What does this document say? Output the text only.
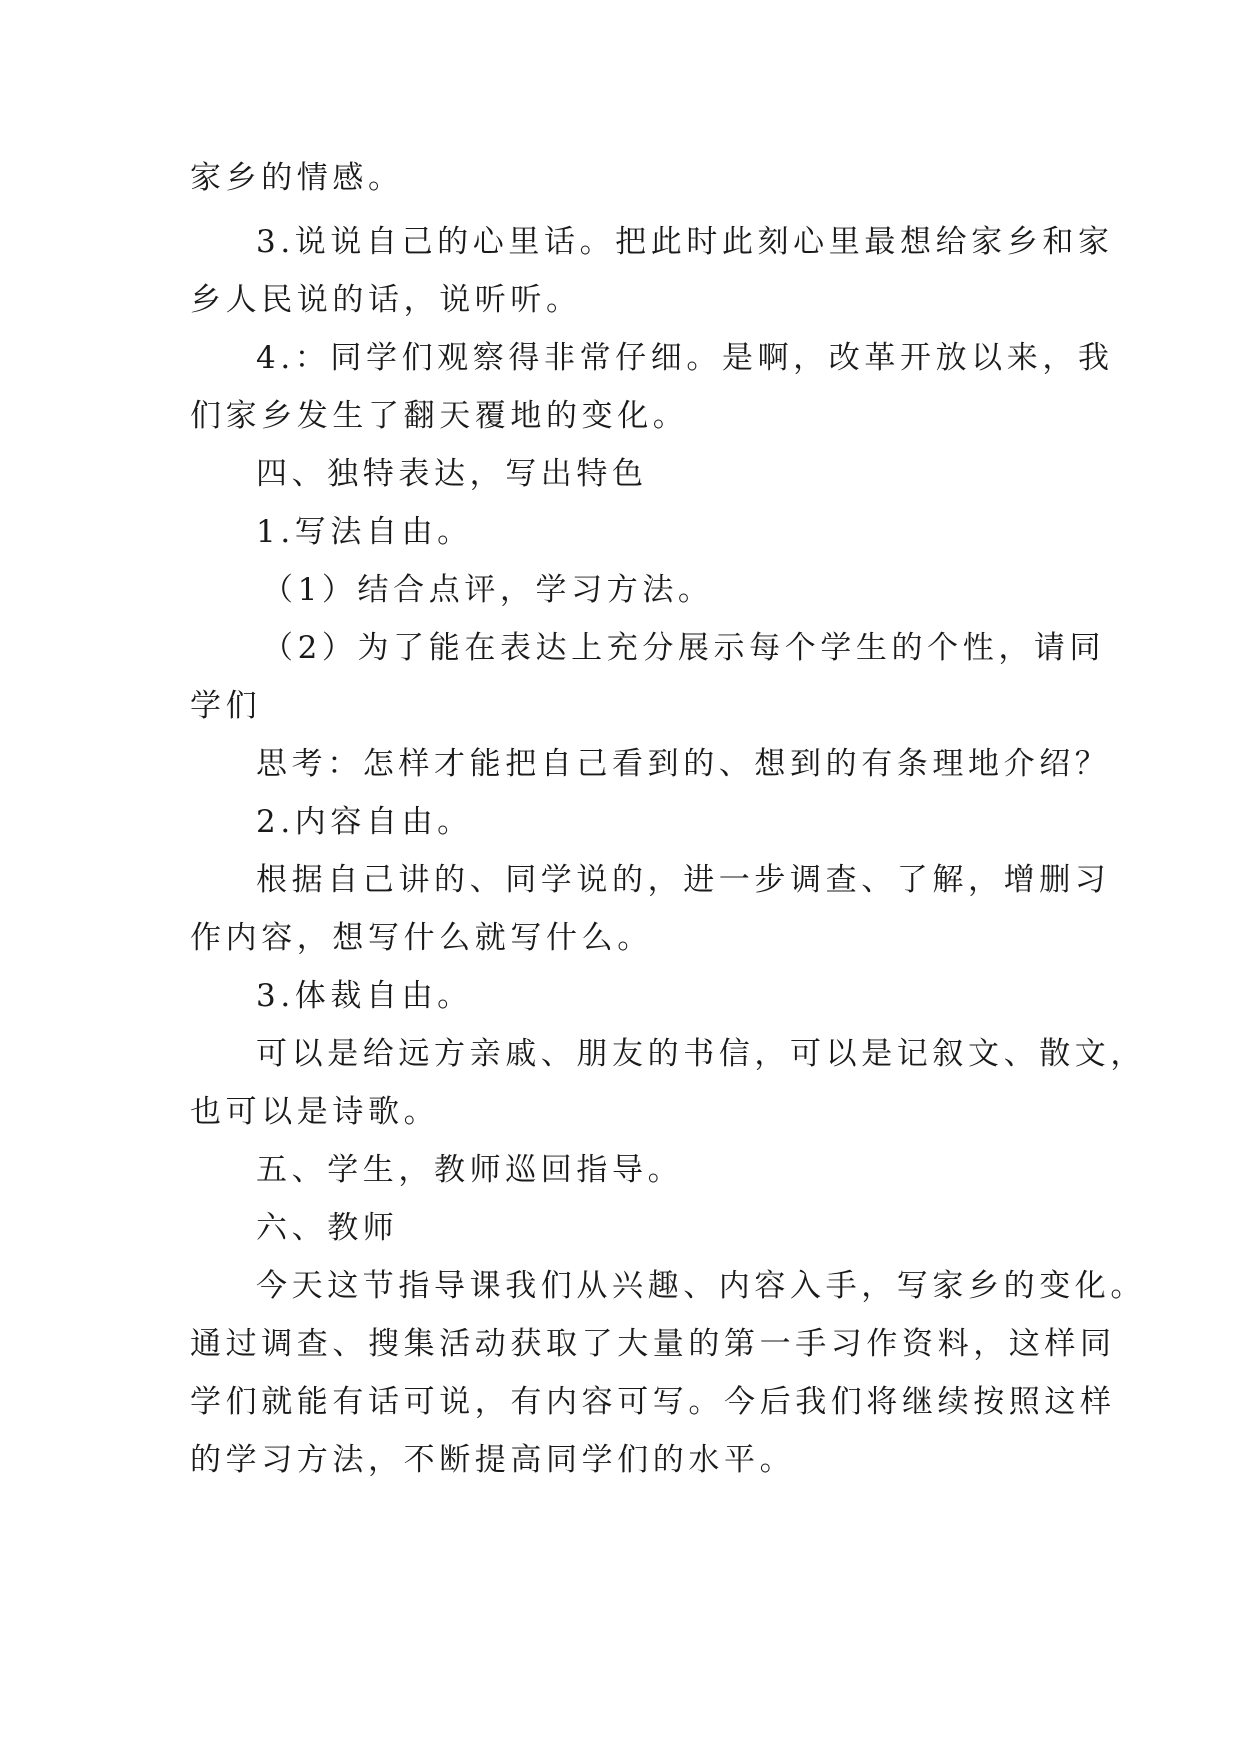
家乡的情感。
3.说说自己的心里话。把此时此刻心里最想给家乡和家
乡人民说的话，说听听。
4.：同学们观察得非常仔细。是啊，改革开放以来，我
们家乡发生了翻天覆地的变化。
四、独特表达，写出特色
1.写法自由。
（1）结合点评，学习方法。
（2）为了能在表达上充分展示每个学生的个性，请同
学们
思考：怎样才能把自己看到的、想到的有条理地介绍？
2.内容自由。
根据自己讲的、同学说的，进一步调查、了解，增删习
作内容，想写什么就写什么。
3.体裁自由。
可以是给远方亲戚、朋友的书信，可以是记叙文、散文，
也可以是诗歌。
五、学生，教师巡回指导。
六、教师
今天这节指导课我们从兴趣、内容入手，写家乡的变化。
通过调查、搜集活动获取了大量的第一手习作资料，这样同
学们就能有话可说，有内容可写。今后我们将继续按照这样
的学习方法，不断提高同学们的水平。
